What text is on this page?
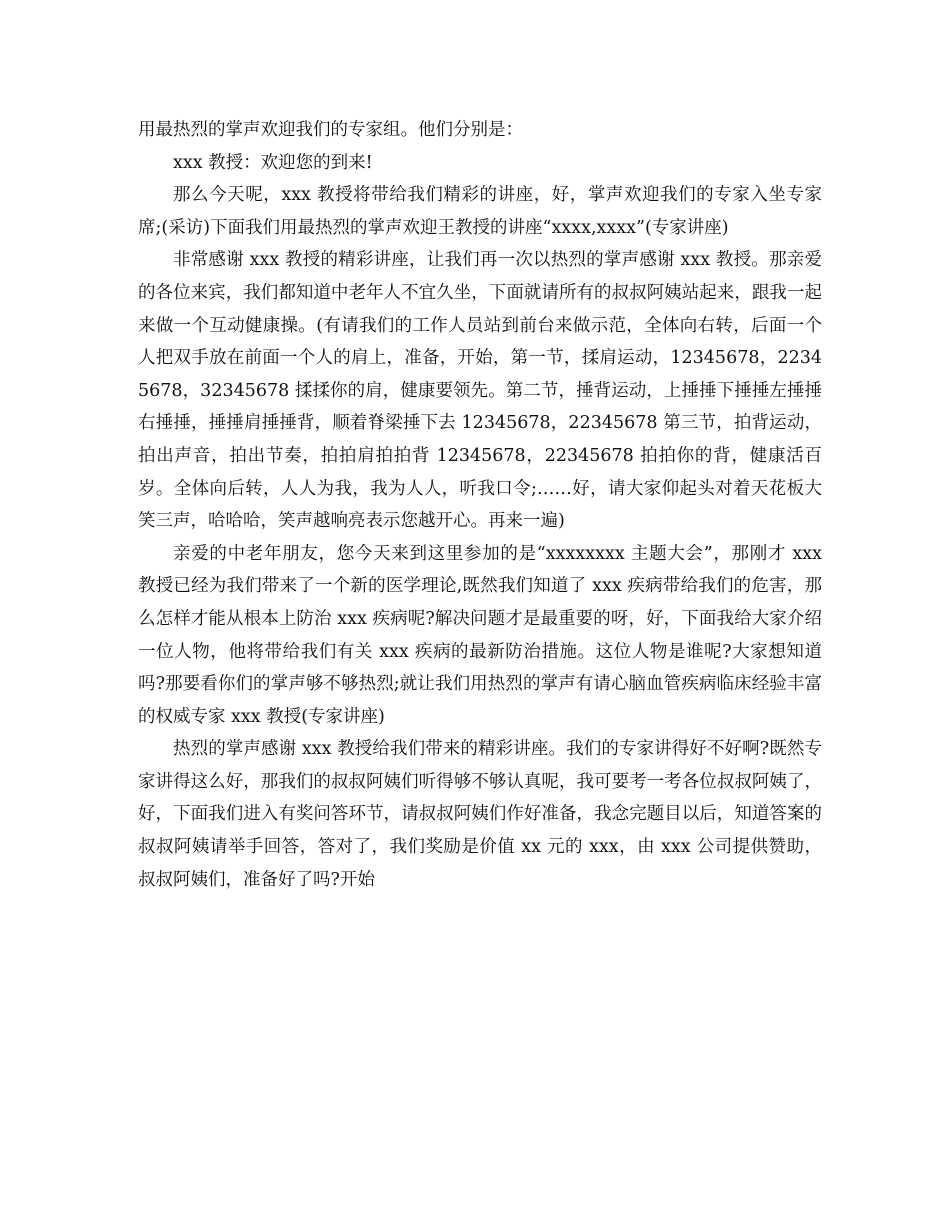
用最热烈的掌声欢迎我们的专家组。他们分别是：

xxx 教授：欢迎您的到来!

那么今天呢，xxx 教授将带给我们精彩的讲座，好，掌声欢迎我们的专家入坐专家席;(采访)下面我们用最热烈的掌声欢迎王教授的讲座“xxxx,xxxx”(专家讲座)

非常感谢 xxx 教授的精彩讲座，让我们再一次以热烈的掌声感谢 xxx 教授。那亲爱的各位来宾，我们都知道中老年人不宜久坐，下面就请所有的叔叔阿姨站起来，跟我一起来做一个互动健康操。(有请我们的工作人员站到前台来做示范，全体向右转，后面一个人把双手放在前面一个人的肩上，准备，开始，第一节，揉肩运动，12345678，22345678，32345678 揉揉你的肩，健康要领先。第二节，捶背运动，上捶捶下捶捶左捶捶右捶捶，捶捶肩捶捶背，顺着脊梁捶下去 12345678，22345678 第三节，拍背运动，拍出声音，拍出节奏，拍拍肩拍拍背 12345678，22345678 拍拍你的背，健康活百岁。全体向后转，人人为我，我为人人，听我口令;……好，请大家仰起头对着天花板大笑三声，哈哈哈，笑声越响亮表示您越开心。再来一遍)

亲爱的中老年朋友，您今天来到这里参加的是“xxxxxxxx 主题大会”，那刚才 xxx 教授已经为我们带来了一个新的医学理论,既然我们知道了 xxx 疾病带给我们的危害，那么怎样才能从根本上防治 xxx 疾病呢?解决问题才是最重要的呀，好，下面我给大家介绍一位人物，他将带给我们有关 xxx 疾病的最新防治措施。这位人物是谁呢?大家想知道吗?那要看你们的掌声够不够热烈;就让我们用热烈的掌声有请心脑血管疾病临床经验丰富的权威专家 xxx 教授(专家讲座)

热烈的掌声感谢 xxx 教授给我们带来的精彩讲座。我们的专家讲得好不好啊?既然专家讲得这么好，那我们的叔叔阿姨们听得够不够认真呢，我可要考一考各位叔叔阿姨了，好，下面我们进入有奖问答环节，请叔叔阿姨们作好准备，我念完题目以后，知道答案的叔叔阿姨请举手回答，答对了，我们奖励是价值 xx 元的 xxx，由 xxx 公司提供赞助，叔叔阿姨们，准备好了吗?开始
